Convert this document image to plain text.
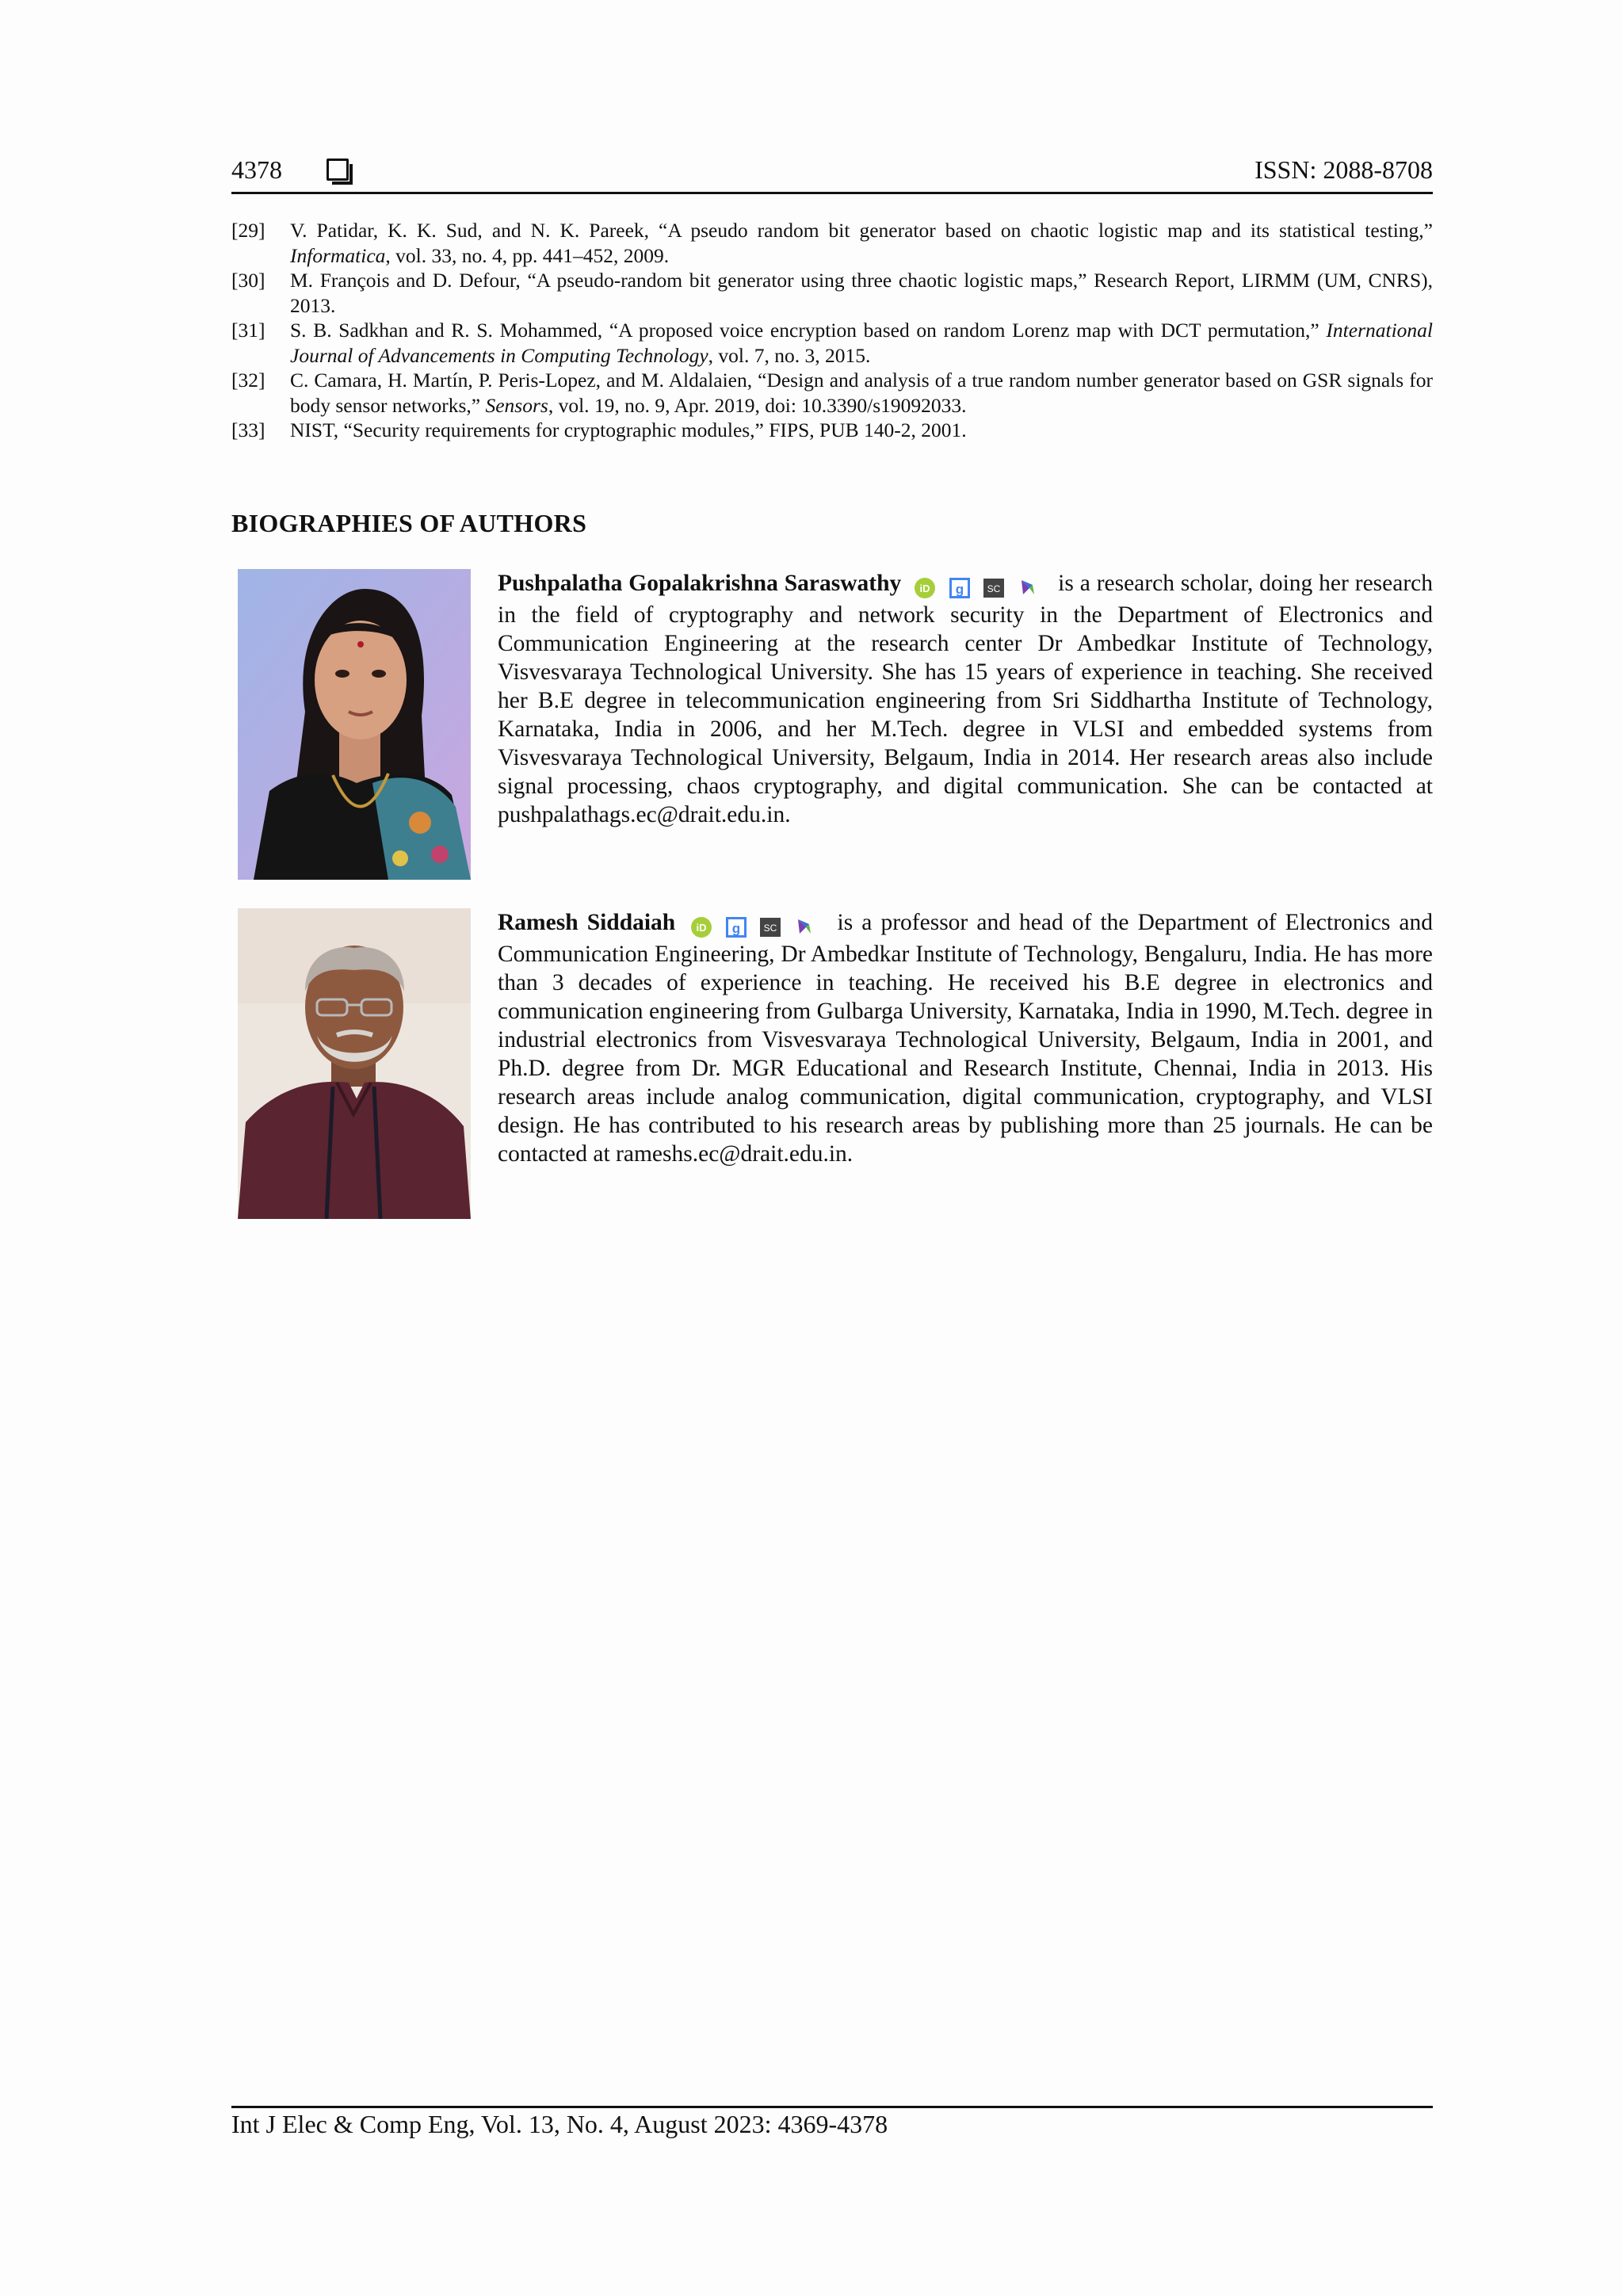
4378	ISSN: 2088-8708
[29] V. Patidar, K. K. Sud, and N. K. Pareek, “A pseudo random bit generator based on chaotic logistic map and its statistical testing,” Informatica, vol. 33, no. 4, pp. 441–452, 2009.
[30] M. François and D. Defour, “A pseudo-random bit generator using three chaotic logistic maps,” Research Report, LIRMM (UM, CNRS), 2013.
[31] S. B. Sadkhan and R. S. Mohammed, “A proposed voice encryption based on random Lorenz map with DCT permutation,” International Journal of Advancements in Computing Technology, vol. 7, no. 3, 2015.
[32] C. Camara, H. Martín, P. Peris-Lopez, and M. Aldalaien, “Design and analysis of a true random number generator based on GSR signals for body sensor networks,” Sensors, vol. 19, no. 9, Apr. 2019, doi: 10.3390/s19092033.
[33] NIST, “Security requirements for cryptographic modules,” FIPS, PUB 140-2, 2001.
BIOGRAPHIES OF AUTHORS
Pushpalatha Gopalakrishna Saraswathy iD
g
SC
is a research scholar, doing her research in the field of cryptography and network security in the Department of Electronics and Communication Engineering at the research center Dr Ambedkar Institute of Technology, Visvesvaraya Technological University. She has 15 years of experience in teaching. She received her B.E degree in telecommunication engineering from Sri Siddhartha Institute of Technology, Karnataka, India in 2006, and her M.Tech. degree in VLSI and embedded systems from Visvesvaraya Technological University, Belgaum, India in 2014. Her research areas also include signal processing, chaos cryptography, and digital communication. She can be contacted at pushpalathags.ec@drait.edu.in.
Ramesh Siddaiah iD
g
SC
	is a professor and head of the Department of Electronics and Communication Engineering, Dr Ambedkar Institute of Technology, Bengaluru, India. He has more than 3 decades of experience in teaching. He received his B.E degree in electronics and communication engineering from Gulbarga University, Karnataka, India in 1990, M.Tech. degree in industrial electronics from Visvesvaraya Technological University, Belgaum, India in 2001, and Ph.D. degree from Dr. MGR Educational and Research Institute, Chennai, India in 2013. His research areas include analog communication, digital communication, cryptography, and VLSI design. He has contributed to his research areas by publishing more than 25 journals. He can be contacted at rameshs.ec@drait.edu.in.
Int J Elec & Comp Eng, Vol. 13, No. 4, August 2023: 4369-4378
